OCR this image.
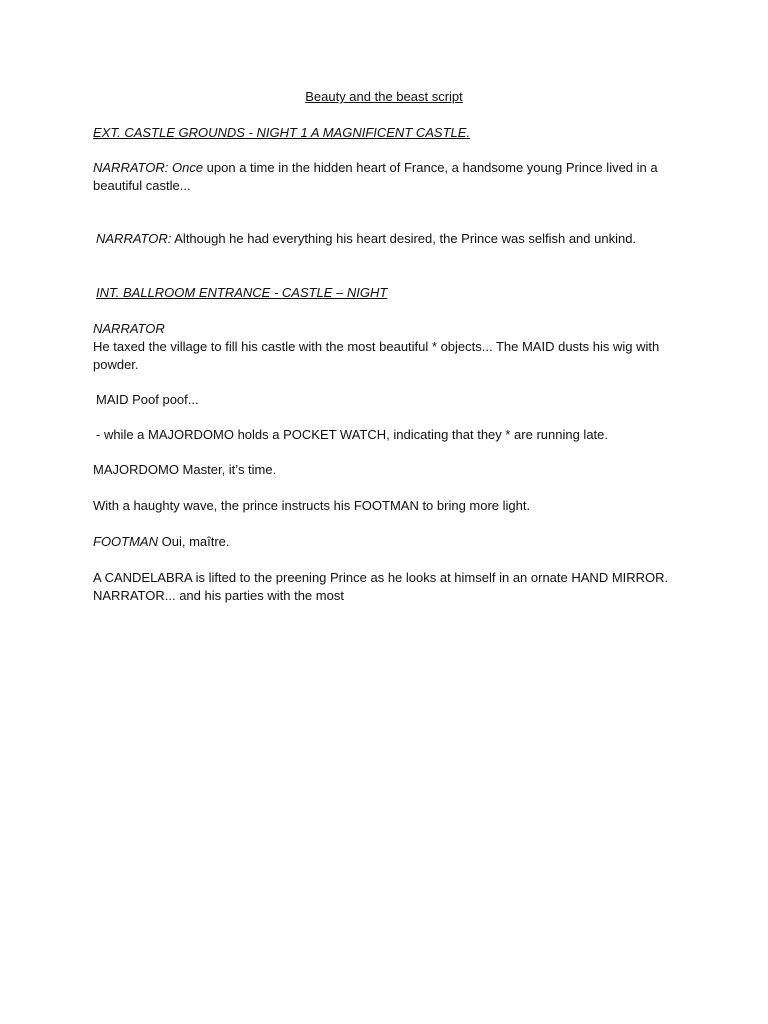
Beauty and the beast script
EXT. CASTLE GROUNDS - NIGHT 1 A MAGNIFICENT CASTLE.
NARRATOR: Once upon a time in the hidden heart of France, a handsome young Prince lived in a beautiful castle...
NARRATOR: Although he had everything his heart desired, the Prince was selfish and unkind.
INT. BALLROOM ENTRANCE - CASTLE – NIGHT
NARRATOR
He taxed the village to fill his castle with the most beautiful * objects... The MAID dusts his wig with powder.
MAID Poof poof...
- while a MAJORDOMO holds a POCKET WATCH, indicating that they * are running late.
MAJORDOMO Master, it’s time.
With a haughty wave, the prince instructs his FOOTMAN to bring more light.
FOOTMAN Oui, maître.
A CANDELABRA is lifted to the preening Prince as he looks at himself in an ornate HAND MIRROR. NARRATOR... and his parties with the most
